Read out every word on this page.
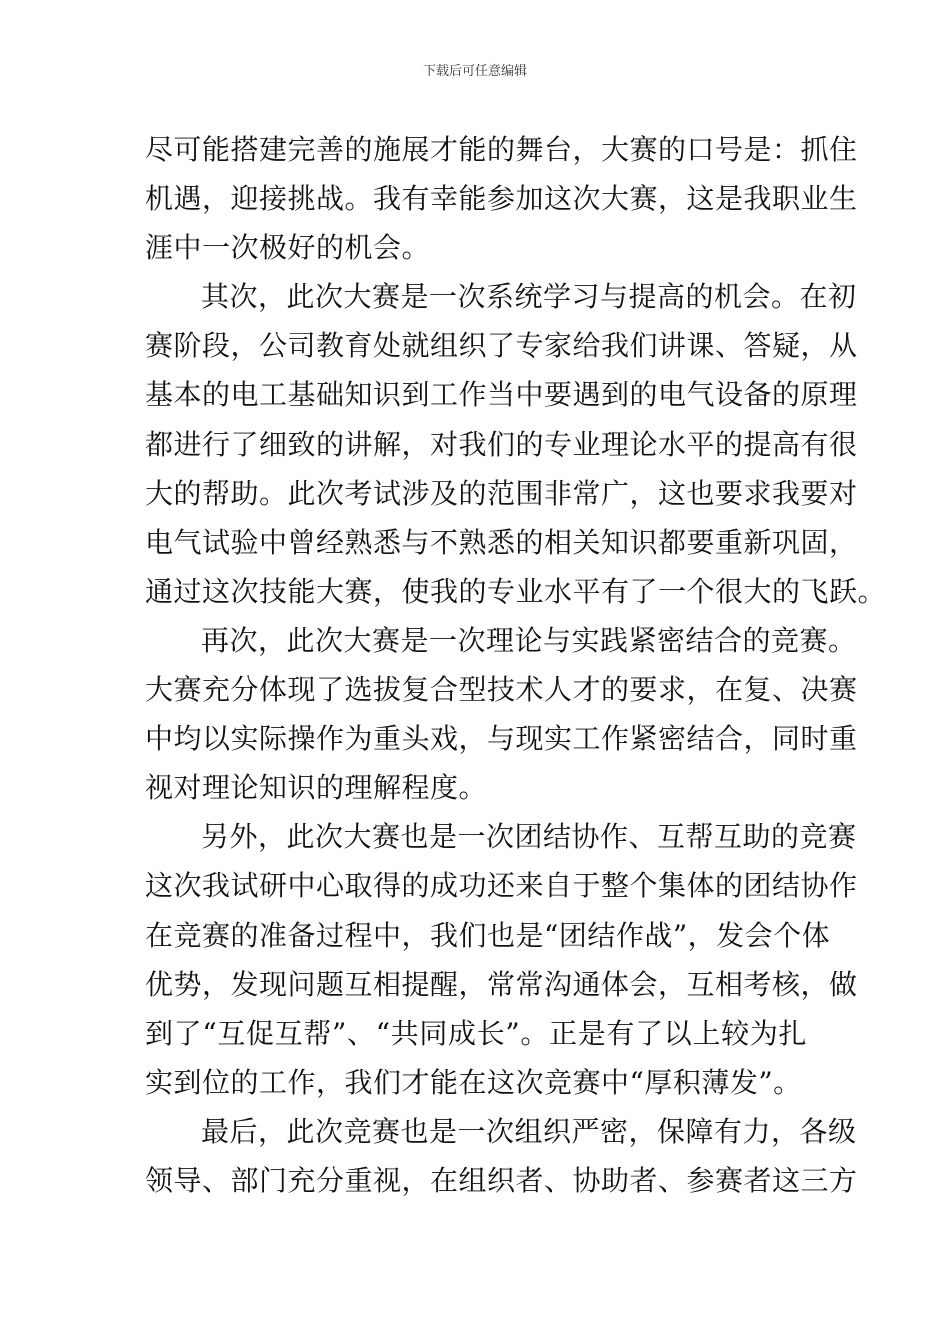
下载后可任意编辑
尽可能搭建完善的施展才能的舞台，大赛的口号是：抓住
机遇，迎接挑战。我有幸能参加这次大赛，这是我职业生
涯中一次极好的机会。
其次，此次大赛是一次系统学习与提高的机会。在初
赛阶段，公司教育处就组织了专家给我们讲课、答疑，从
基本的电工基础知识到工作当中要遇到的电气设备的原理
都进行了细致的讲解，对我们的专业理论水平的提高有很
大的帮助。此次考试涉及的范围非常广，这也要求我要对
电气试验中曾经熟悉与不熟悉的相关知识都要重新巩固，
通过这次技能大赛，使我的专业水平有了一个很大的飞跃。
再次，此次大赛是一次理论与实践紧密结合的竞赛。
大赛充分体现了选拔复合型技术人才的要求，在复、决赛
中均以实际操作为重头戏，与现实工作紧密结合，同时重
视对理论知识的理解程度。
另外，此次大赛也是一次团结协作、互帮互助的竞赛
这次我试研中心取得的成功还来自于整个集体的团结协作
在竞赛的准备过程中，我们也是“团结作战”，发会个体
优势，发现问题互相提醒，常常沟通体会，互相考核，做
到了“互促互帮”、“共同成长”。正是有了以上较为扎
实到位的工作，我们才能在这次竞赛中“厚积薄发”。
最后，此次竞赛也是一次组织严密，保障有力，各级
领导、部门充分重视，在组织者、协助者、参赛者这三方
